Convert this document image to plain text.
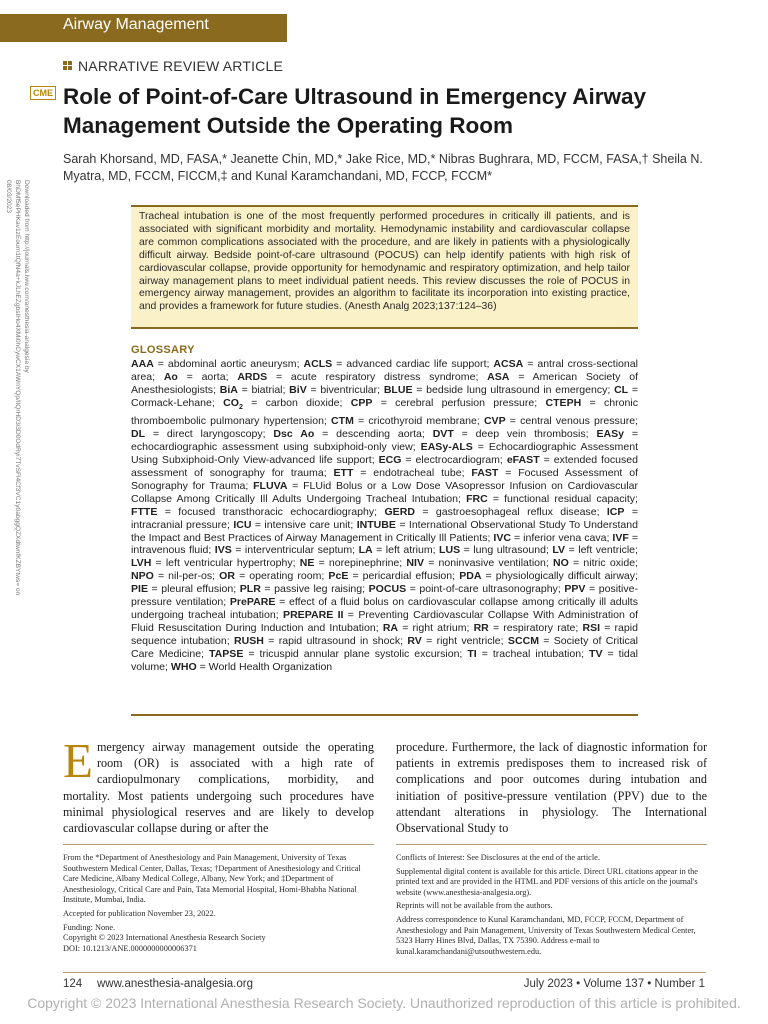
Airway Management
NARRATIVE REVIEW ARTICLE
CME Role of Point-of-Care Ultrasound in Emergency Airway Management Outside the Operating Room
Sarah Khorsand, MD, FASA,* Jeanette Chin, MD,* Jake Rice, MD,* Nibras Bughrara, MD, FCCM, FASA,† Sheila N. Myatra, MD, FCCM, FICCM,‡ and Kunal Karamchandani, MD, FCCP, FCCM*
Downloaded from http://journals.lww.com/anesthesia-analgesia by BhDMf5ePHKav1zEoum1tQfN4a+kJLhEZgbsIHo4XMi0hCywCX1AWnYQp/IlQrHD3i3D0OdRyi7TvSFl4Cf3VC1y0abggQZXdtwnfKZBYtws= on 08/03/2023
Tracheal intubation is one of the most frequently performed procedures in critically ill patients, and is associated with significant morbidity and mortality. Hemodynamic instability and cardiovascular collapse are common complications associated with the procedure, and are likely in patients with a physiologically difficult airway. Bedside point-of-care ultrasound (POCUS) can help identify patients with high risk of cardiovascular collapse, provide opportunity for hemodynamic and respiratory optimization, and help tailor airway management plans to meet individual patient needs. This review discusses the role of POCUS in emergency airway management, provides an algorithm to facilitate its incorporation into existing practice, and provides a framework for future studies. (Anesth Analg 2023;137:124–36)
GLOSSARY
AAA = abdominal aortic aneurysm; ACLS = advanced cardiac life support; ACSA = antral cross-sectional area; Ao = aorta; ARDS = acute respiratory distress syndrome; ASA = American Society of Anesthesiologists; BiA = biatrial; BiV = biventricular; BLUE = bedside lung ultrasound in emergency; CL = Cormack-Lehane; $CO_2$ = carbon dioxide; CPP = cerebral perfusion pressure; CTEPH = chronic thromboembolic pulmonary hypertension; CTM = cricothyroid membrane; CVP = central venous pressure; DL = direct laryngoscopy; Dsc Ao = descending aorta; DVT = deep vein thrombosis; EASy = echocardiographic assessment using subxiphoid-only view; EASy-ALS = Echocardiographic Assessment Using Subxiphoid-Only View-advanced life support; ECG = electrocardiogram; eFAST = extended focused assessment of sonography for trauma; ETT = endotracheal tube; FAST = Focused Assessment of Sonography for Trauma; FLUVA = FLUid Bolus or a Low Dose VAsopressor Infusion on Cardiovascular Collapse Among Critically Ill Adults Undergoing Tracheal Intubation; FRC = functional residual capacity; FTTE = focused transthoracic echocardiography; GERD = gastroesophageal reflux disease; ICP = intracranial pressure; ICU = intensive care unit; INTUBE = International Observational Study To Understand the Impact and Best Practices of Airway Management in Critically Ill Patients; IVC = inferior vena cava; IVF = intravenous fluid; IVS = interventricular septum; LA = left atrium; LUS = lung ultrasound; LV = left ventricle; LVH = left ventricular hypertrophy; NE = norepinephrine; NIV = noninvasive ventilation; NO = nitric oxide; NPO = nil-per-os; OR = operating room; PcE = pericardial effusion; PDA = physiologically difficult airway; PIE = pleural effusion; PLR = passive leg raising; POCUS = point-of-care ultrasonography; PPV = positive-pressure ventilation; PrePARE = effect of a fluid bolus on cardiovascular collapse among critically ill adults undergoing tracheal intubation; PREPARE II = Preventing Cardiovascular Collapse With Administration of Fluid Resuscitation During Induction and Intubation; RA = right atrium; RR = respiratory rate; RSI = rapid sequence intubation; RUSH = rapid ultrasound in shock; RV = right ventricle; SCCM = Society of Critical Care Medicine; TAPSE = tricuspid annular plane systolic excursion; TI = tracheal intubation; TV = tidal volume; WHO = World Health Organization
Emergency airway management outside the operating room (OR) is associated with a high rate of cardiopulmonary complications, morbidity, and mortality. Most patients undergoing such procedures have minimal physiological reserves and are likely to develop cardiovascular collapse during or after the
procedure. Furthermore, the lack of diagnostic information for patients in extremis predisposes them to increased risk of complications and poor outcomes during intubation and initiation of positive-pressure ventilation (PPV) due to the attendant alterations in physiology. The International Observational Study to

From the *Department of Anesthesiology and Pain Management, University of Texas Southwestern Medical Center, Dallas, Texas; †Department of Anesthesiology and Critical Care Medicine, Albany Medical College, Albany, New York; and ‡Department of Anesthesiology, Critical Care and Pain, Tata Memorial Hospital, Homi-Bhabha National Institute, Mumbai, India.

Accepted for publication November 23, 2022.

Funding: None.

Copyright © 2023 International Anesthesia Research Society

DOI: 10.1213/ANE.0000000000006371

Conflicts of Interest: See Disclosures at the end of the article.

Supplemental digital content is available for this article. Direct URL citations appear in the printed text and are provided in the HTML and PDF versions of this article on the journal's website (www.anesthesia-analgesia.org).

Reprints will not be available from the authors.

Address correspondence to Kunal Karamchandani, MD, FCCP, FCCM, Department of Anesthesiology and Pain Management, University of Texas Southwestern Medical Center, 5323 Harry Hines Blvd, Dallas, TX 75390. Address e-mail to kunal.karamchandani@utsouthwestern.edu.

124 www.anesthesia-analgesia.org	July 2023 • Volume 137 • Number 1
Copyright © 2023 International Anesthesia Research Society. Unauthorized reproduction of this article is prohibited.
